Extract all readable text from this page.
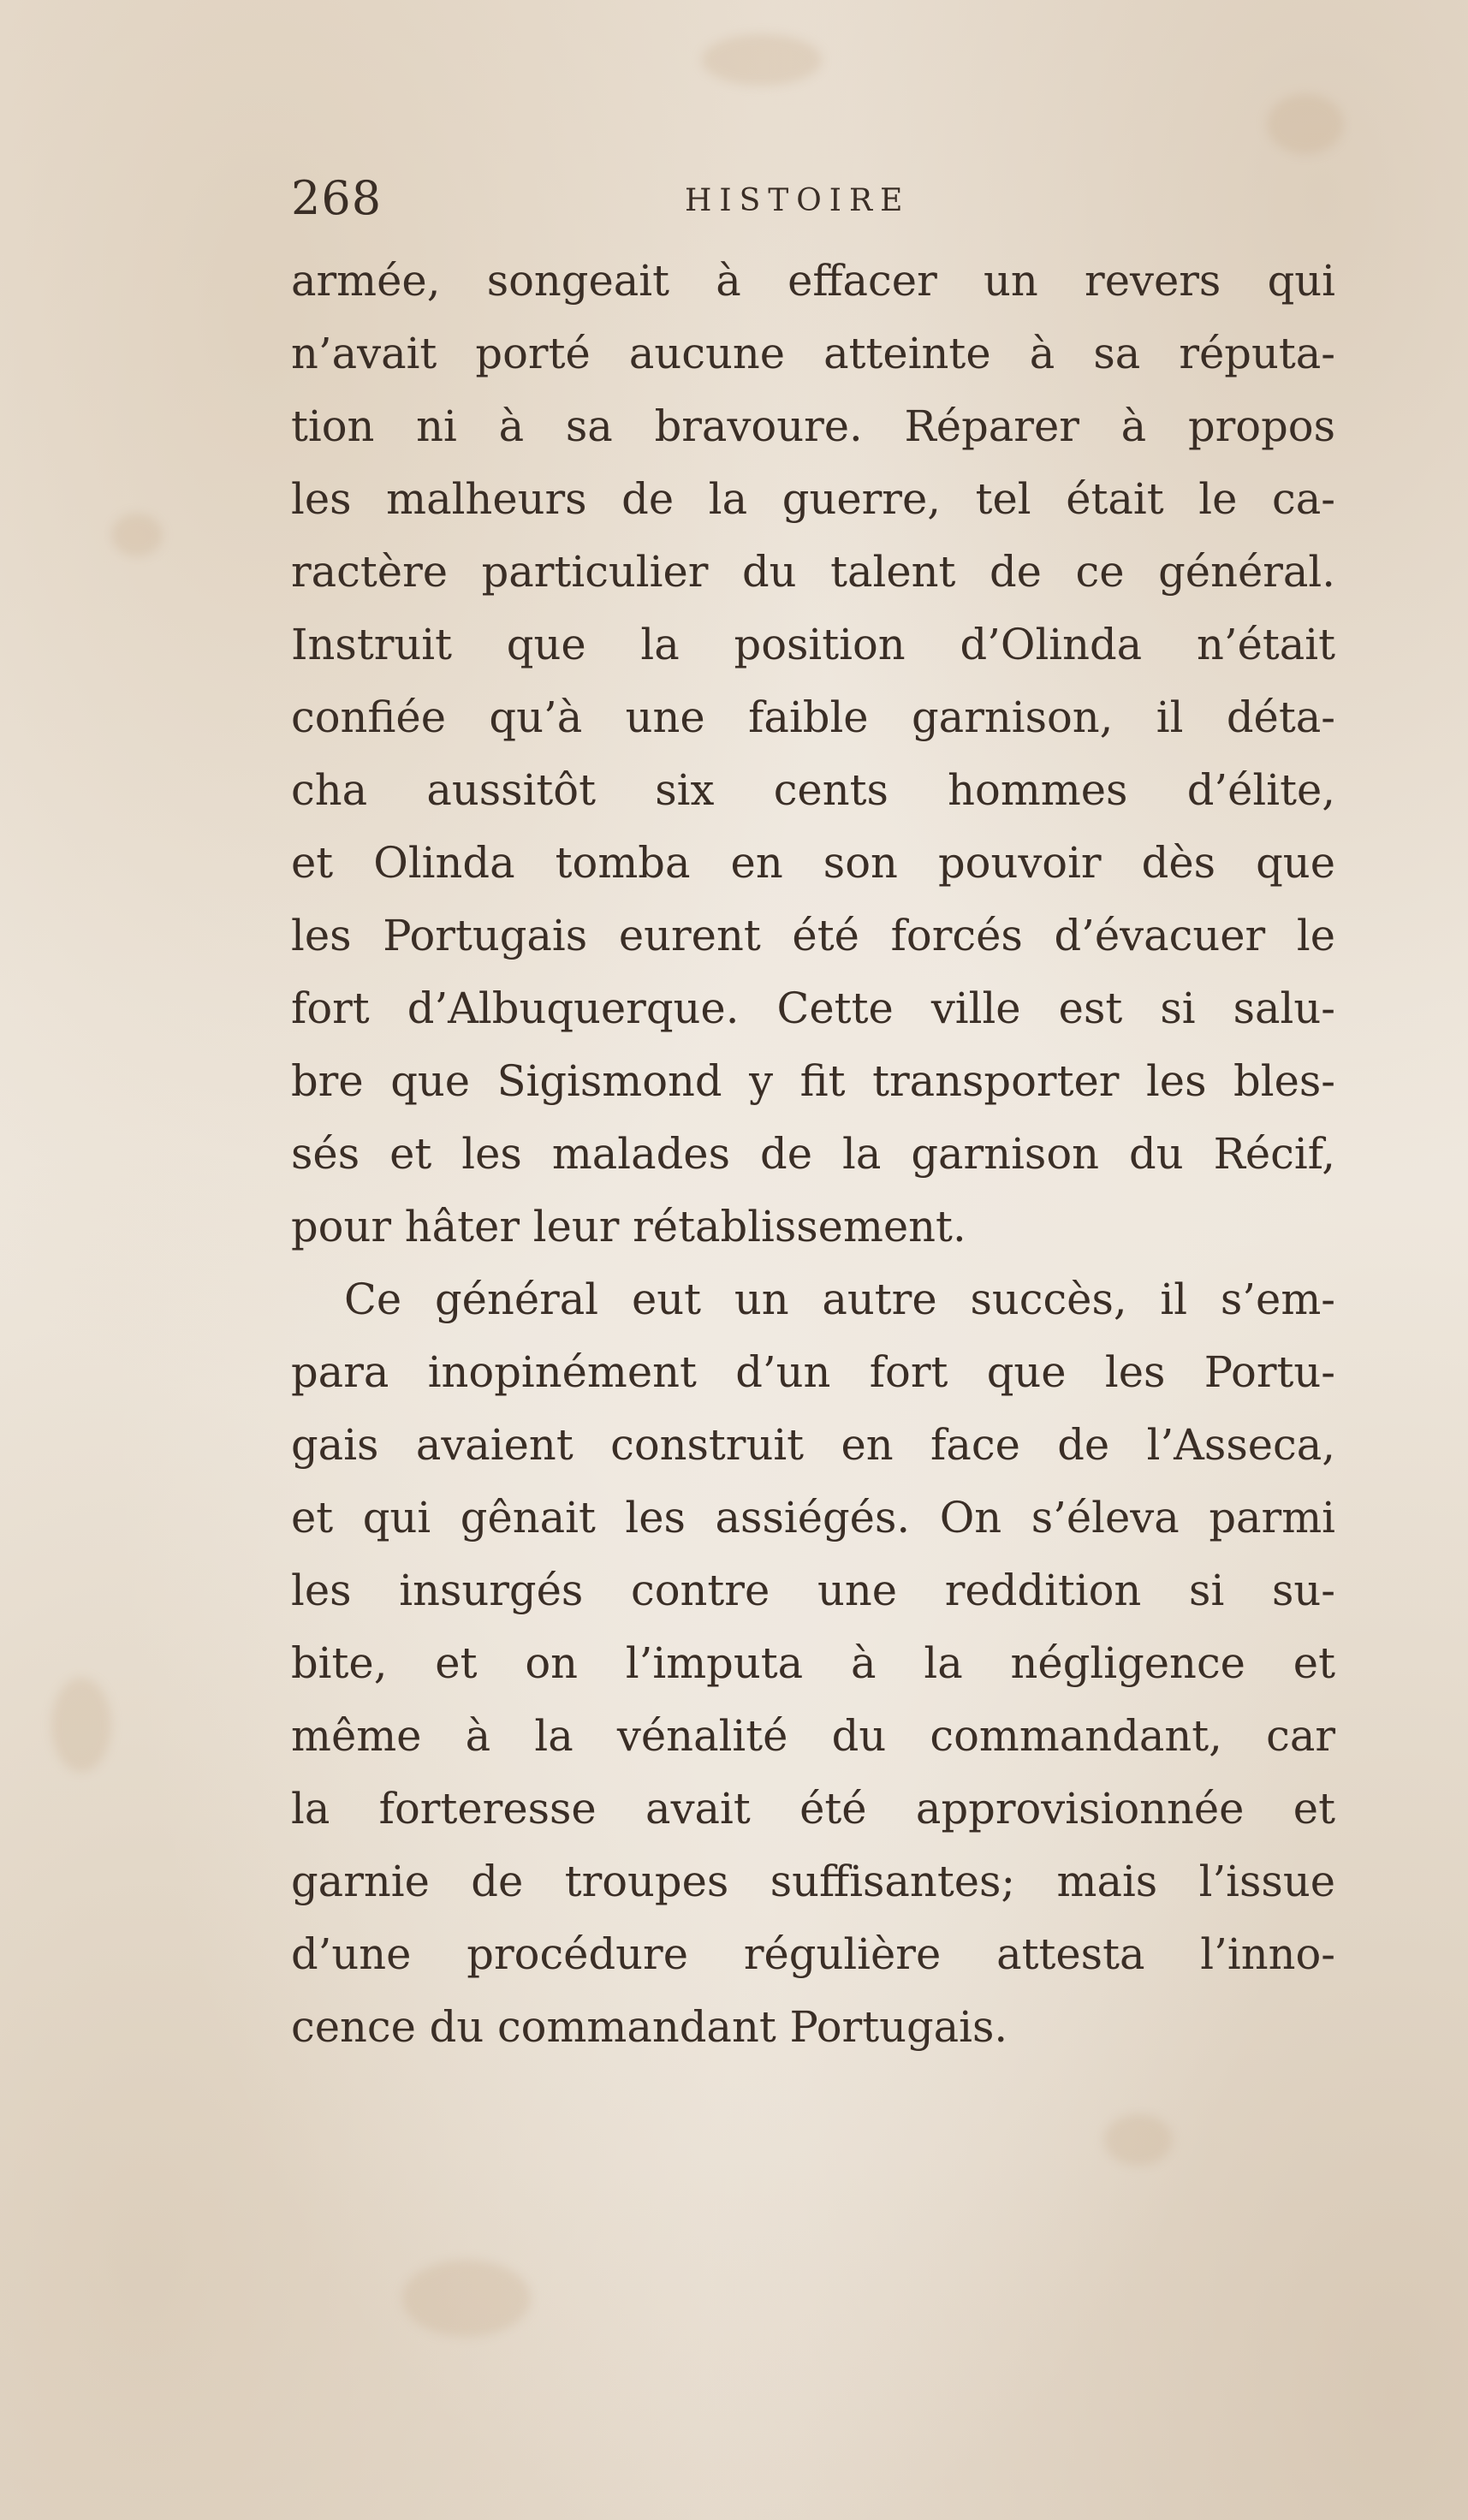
268	HISTOIRE
armée, songeait à effacer un revers qui
n’avait porté aucune atteinte à sa réputa-
tion ni à sa bravoure. Réparer à propos
les malheurs de la guerre, tel était le ca-
ractère particulier du talent de ce général.
Instruit que la position d’Olinda n’était
confiée qu’à une faible garnison, il déta-
cha aussitôt six cents hommes d’élite,
et Olinda tomba en son pouvoir dès que
les Portugais eurent été forcés d’évacuer le
fort d’Albuquerque. Cette ville est si salu-
bre que Sigismond y fit transporter les bles-
sés et les malades de la garnison du Récif,
pour hâter leur rétablissement.
Ce général eut un autre succès, il s’em-
para inopinément d’un fort que les Portu-
gais avaient construit en face de l’Asseca,
et qui gênait les assiégés. On s’éleva parmi
les insurgés contre une reddition si su-
bite, et on l’imputa à la négligence et
même à la vénalité du commandant, car
la forteresse avait été approvisionnée et
garnie de troupes suffisantes; mais l’issue
d’une procédure régulière attesta l’inno-
cence du commandant Portugais.
